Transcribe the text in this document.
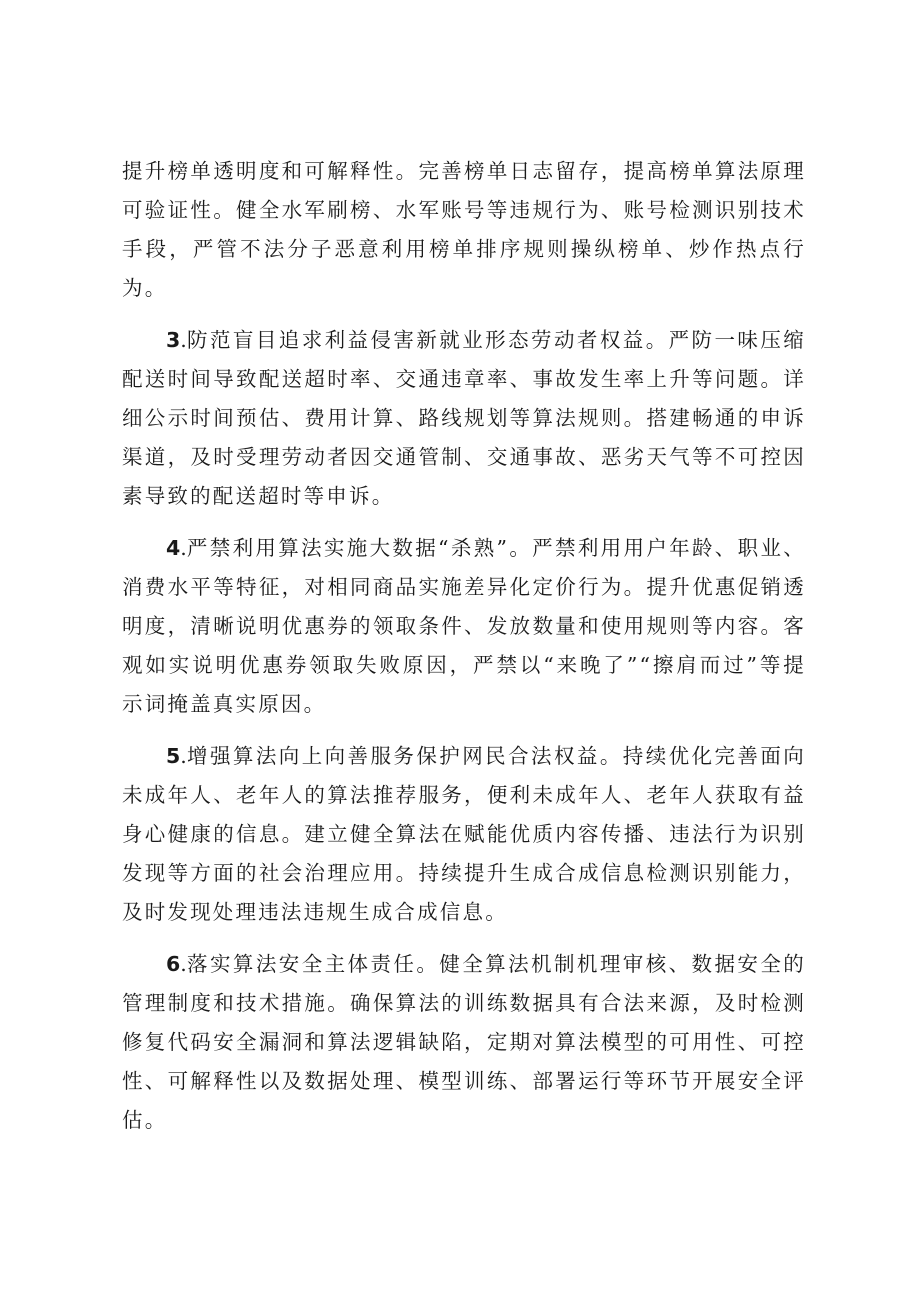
提升榜单透明度和可解释性。完善榜单日志留存，提高榜单算法原理可验证性。健全水军刷榜、水军账号等违规行为、账号检测识别技术手段，严管不法分子恶意利用榜单排序规则操纵榜单、炒作热点行为。

3.防范盲目追求利益侵害新就业形态劳动者权益。严防一味压缩配送时间导致配送超时率、交通违章率、事故发生率上升等问题。详细公示时间预估、费用计算、路线规划等算法规则。搭建畅通的申诉渠道，及时受理劳动者因交通管制、交通事故、恶劣天气等不可控因素导致的配送超时等申诉。

4.严禁利用算法实施大数据“杀熟”。严禁利用用户年龄、职业、消费水平等特征，对相同商品实施差异化定价行为。提升优惠促销透明度，清晰说明优惠券的领取条件、发放数量和使用规则等内容。客观如实说明优惠券领取失败原因，严禁以“来晚了”“擦肩而过”等提示词掩盖真实原因。

5.增强算法向上向善服务保护网民合法权益。持续优化完善面向未成年人、老年人的算法推荐服务，便利未成年人、老年人获取有益身心健康的信息。建立健全算法在赋能优质内容传播、违法行为识别发现等方面的社会治理应用。持续提升生成合成信息检测识别能力，及时发现处理违法违规生成合成信息。

6.落实算法安全主体责任。健全算法机制机理审核、数据安全的管理制度和技术措施。确保算法的训练数据具有合法来源，及时检测修复代码安全漏洞和算法逻辑缺陷，定期对算法模型的可用性、可控性、可解释性以及数据处理、模型训练、部署运行等环节开展安全评估。
